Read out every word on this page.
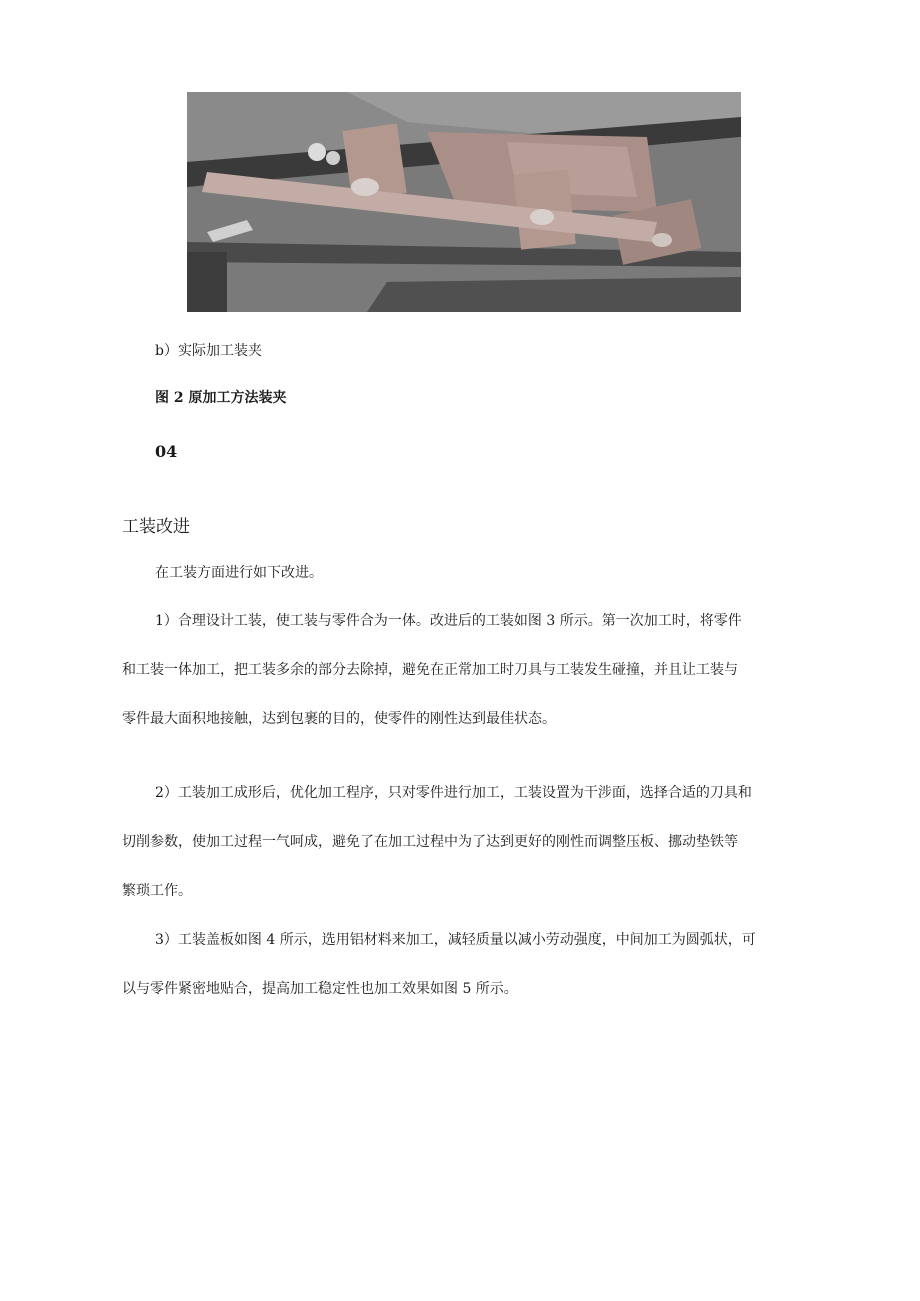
b）实际加工装夹
图 2 原加工方法装夹
04
工装改进
在工装方面进行如下改进。
1）合理设计工装，使工装与零件合为一体。改进后的工装如图 3 所示。第一次加工时，将零件
和工装一体加工，把工装多余的部分去除掉，避免在正常加工时刀具与工装发生碰撞，并且让工装与
零件最大面积地接触，达到包裹的目的，使零件的刚性达到最佳状态。
2）工装加工成形后，优化加工程序，只对零件进行加工，工装设置为干涉面，选择合适的刀具和
切削参数，使加工过程一气呵成，避免了在加工过程中为了达到更好的刚性而调整压板、挪动垫铁等
繁琐工作。
3）工装盖板如图 4 所示，选用铝材料来加工，减轻质量以减小劳动强度，中间加工为圆弧状，可
以与零件紧密地贴合，提高加工稳定性也加工效果如图 5 所示。
